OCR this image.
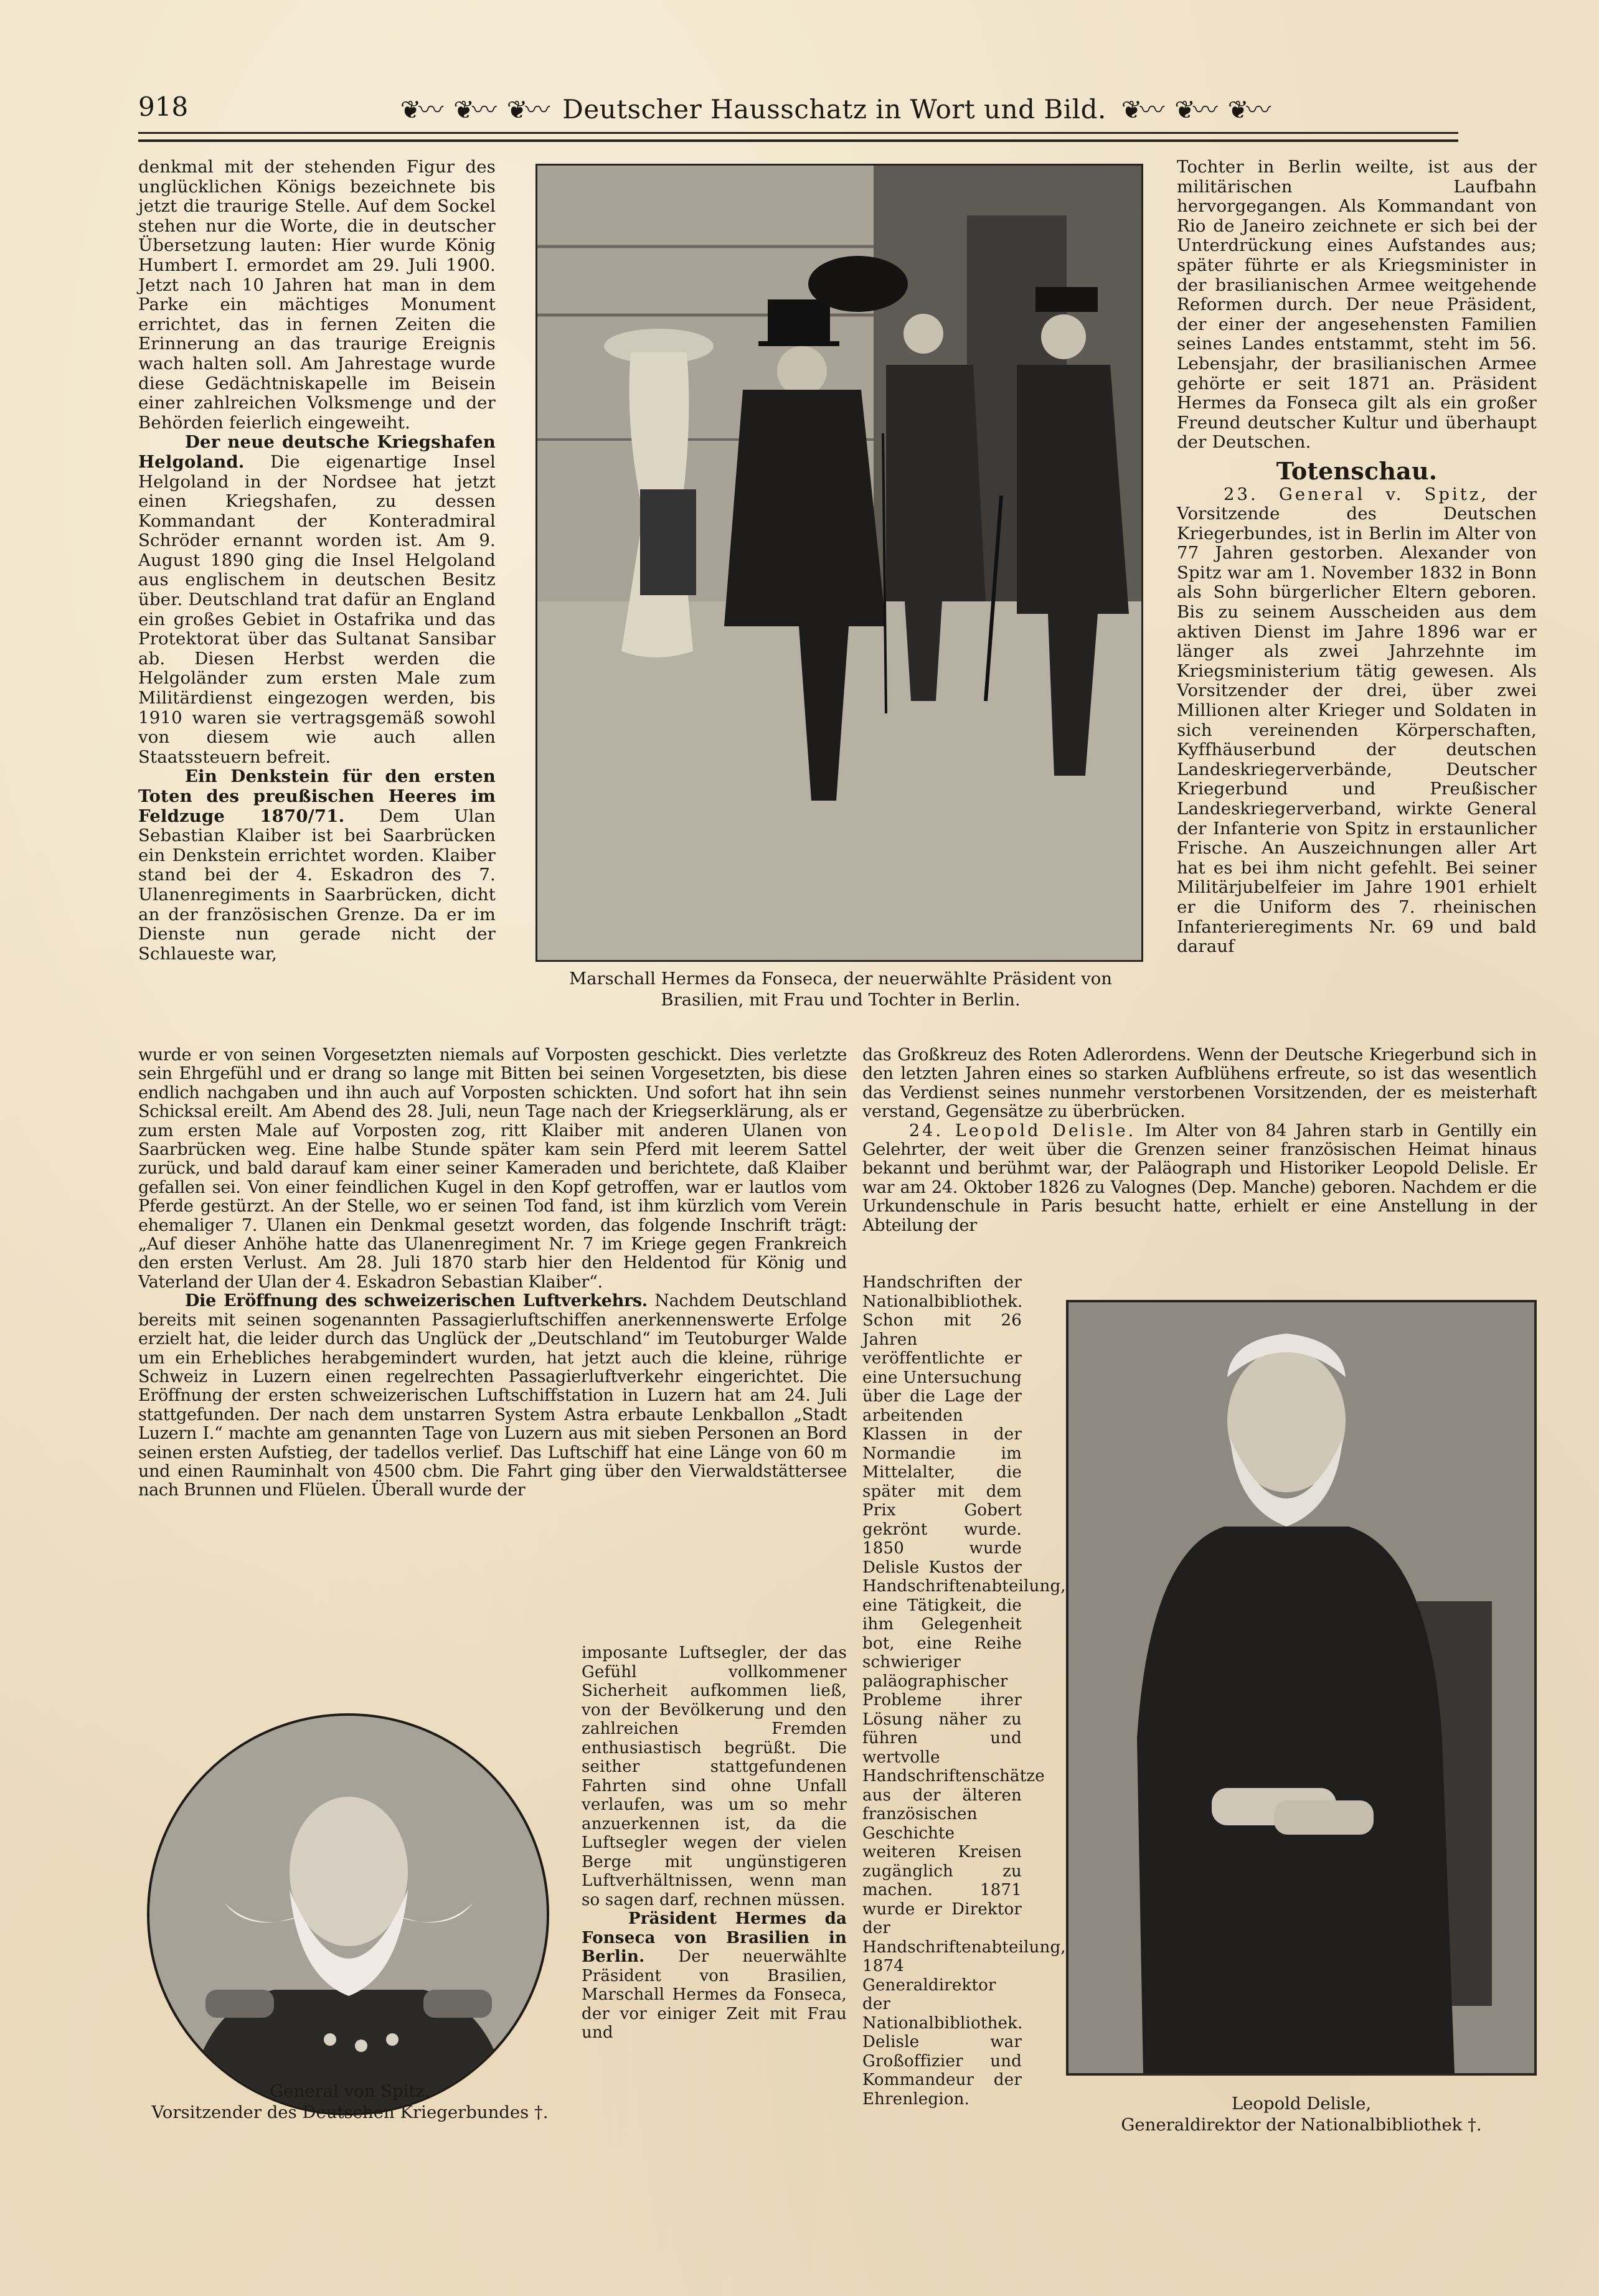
918	❦〰 ❦〰 ❦〰 Deutscher Hausschatz in Wort und Bild. ❦〰 ❦〰 ❦〰

denkmal mit der stehenden Figur des unglücklichen Königs bezeichnete bis jetzt die traurige Stelle. Auf dem Sockel stehen nur die Worte, die in deutscher Übersetzung lauten: Hier wurde König Humbert I. ermordet am 29. Juli 1900. Jetzt nach 10 Jahren hat man in dem Parke ein mächtiges Monument errichtet, das in fernen Zeiten die Erinnerung an das traurige Ereignis wach halten soll. Am Jahrestage wurde diese Gedächtniskapelle im Beisein einer zahlreichen Volksmenge und der Behörden feierlich eingeweiht.

Der neue deutsche Kriegshafen Helgoland. Die eigenartige Insel Helgoland in der Nordsee hat jetzt einen Kriegshafen, zu dessen Kommandant der Konteradmiral Schröder ernannt worden ist. Am 9. August 1890 ging die Insel Helgoland aus englischem in deutschen Besitz über. Deutschland trat dafür an England ein großes Gebiet in Ostafrika und das Protektorat über das Sultanat Sansibar ab. Diesen Herbst werden die Helgoländer zum ersten Male zum Militärdienst eingezogen werden, bis 1910 waren sie vertragsgemäß sowohl von diesem wie auch allen Staatssteuern befreit.

Ein Denkstein für den ersten Toten des preußischen Heeres im Feldzuge 1870/71. Dem Ulan Sebastian Klaiber ist bei Saarbrücken ein Denkstein errichtet worden. Klaiber stand bei der 4. Eskadron des 7. Ulanenregiments in Saarbrücken, dicht an der französischen Grenze. Da er im Dienste nun gerade nicht der Schlaueste war,

Marschall Hermes da Fonseca, der neuerwählte Präsident von Brasilien, mit Frau und Tochter in Berlin.

Tochter in Berlin weilte, ist aus der militärischen Laufbahn hervorgegangen. Als Kommandant von Rio de Janeiro zeichnete er sich bei der Unterdrückung eines Aufstandes aus; später führte er als Kriegsminister in der brasilianischen Armee weitgehende Reformen durch. Der neue Präsident, der einer der angesehensten Familien seines Landes entstammt, steht im 56. Lebensjahr, der brasilianischen Armee gehörte er seit 1871 an. Präsident Hermes da Fonseca gilt als ein großer Freund deutscher Kultur und überhaupt der Deutschen.

Totenschau.

23. General v. Spitz, der Vorsitzende des Deutschen Kriegerbundes, ist in Berlin im Alter von 77 Jahren gestorben. Alexander von Spitz war am 1. November 1832 in Bonn als Sohn bürgerlicher Eltern geboren. Bis zu seinem Ausscheiden aus dem aktiven Dienst im Jahre 1896 war er länger als zwei Jahrzehnte im Kriegsministerium tätig gewesen. Als Vorsitzender der drei, über zwei Millionen alter Krieger und Soldaten in sich vereinenden Körperschaften, Kyffhäuserbund der deutschen Landeskriegerverbände, Deutscher Kriegerbund und Preußischer Landeskriegerverband, wirkte General der Infanterie von Spitz in erstaunlicher Frische. An Auszeichnungen aller Art hat es bei ihm nicht gefehlt. Bei seiner Militärjubelfeier im Jahre 1901 erhielt er die Uniform des 7. rheinischen Infanterieregiments Nr. 69 und bald darauf

wurde er von seinen Vorgesetzten niemals auf Vorposten geschickt. Dies verletzte sein Ehrgefühl und er drang so lange mit Bitten bei seinen Vorgesetzten, bis diese endlich nachgaben und ihn auch auf Vorposten schickten. Und sofort hat ihn sein Schicksal ereilt. Am Abend des 28. Juli, neun Tage nach der Kriegserklärung, als er zum ersten Male auf Vorposten zog, ritt Klaiber mit anderen Ulanen von Saarbrücken weg. Eine halbe Stunde später kam sein Pferd mit leerem Sattel zurück, und bald darauf kam einer seiner Kameraden und berichtete, daß Klaiber gefallen sei. Von einer feindlichen Kugel in den Kopf getroffen, war er lautlos vom Pferde gestürzt. An der Stelle, wo er seinen Tod fand, ist ihm kürzlich vom Verein ehemaliger 7. Ulanen ein Denkmal gesetzt worden, das folgende Inschrift trägt: „Auf dieser Anhöhe hatte das Ulanenregiment Nr. 7 im Kriege gegen Frankreich den ersten Verlust. Am 28. Juli 1870 starb hier den Heldentod für König und Vaterland der Ulan der 4. Eskadron Sebastian Klaiber“.

Die Eröffnung des schweizerischen Luftverkehrs. Nachdem Deutschland bereits mit seinen sogenannten Passagierluftschiffen anerkennenswerte Erfolge erzielt hat, die leider durch das Unglück der „Deutschland“ im Teutoburger Walde um ein Erhebliches herabgemindert wurden, hat jetzt auch die kleine, rührige Schweiz in Luzern einen regelrechten Passagierluftverkehr eingerichtet. Die Eröffnung der ersten schweizerischen Luftschiffstation in Luzern hat am 24. Juli stattgefunden. Der nach dem unstarren System Astra erbaute Lenkballon „Stadt Luzern I.“ machte am genannten Tage von Luzern aus mit sieben Personen an Bord seinen ersten Aufstieg, der tadellos verlief. Das Luftschiff hat eine Länge von 60 m und einen Rauminhalt von 4500 cbm. Die Fahrt ging über den Vierwaldstättersee nach Brunnen und Flüelen. Überall wurde der

das Großkreuz des Roten Adlerordens. Wenn der Deutsche Kriegerbund sich in den letzten Jahren eines so starken Aufblühens erfreute, so ist das wesentlich das Verdienst seines nunmehr verstorbenen Vorsitzenden, der es meisterhaft verstand, Gegensätze zu überbrücken.

24. Leopold Delisle. Im Alter von 84 Jahren starb in Gentilly ein Gelehrter, der weit über die Grenzen seiner französischen Heimat hinaus bekannt und berühmt war, der Paläograph und Historiker Leopold Delisle. Er war am 24. Oktober 1826 zu Valognes (Dep. Manche) geboren. Nachdem er die Urkundenschule in Paris besucht hatte, erhielt er eine Anstellung in der Abteilung der

imposante Luftsegler, der das Gefühl vollkommener Sicherheit aufkommen ließ, von der Bevölkerung und den zahlreichen Fremden enthusiastisch begrüßt. Die seither stattgefundenen Fahrten sind ohne Unfall verlaufen, was um so mehr anzuerkennen ist, da die Luftsegler wegen der vielen Berge mit ungünstigeren Luftverhältnissen, wenn man so sagen darf, rechnen müssen.

Präsident Hermes da Fonseca von Brasilien in Berlin. Der neuerwählte Präsident von Brasilien, Marschall Hermes da Fonseca, der vor einiger Zeit mit Frau und

Handschriften der Nationalbibliothek. Schon mit 26 Jahren veröffentlichte er eine Untersuchung über die Lage der arbeitenden Klassen in der Normandie im Mittelalter, die später mit dem Prix Gobert gekrönt wurde. 1850 wurde Delisle Kustos der Handschriftenabteilung, eine Tätigkeit, die ihm Gelegenheit bot, eine Reihe schwieriger paläographischer Probleme ihrer Lösung näher zu führen und wertvolle Handschriftenschätze aus der älteren französischen Geschichte weiteren Kreisen zugänglich zu machen. 1871 wurde er Direktor der Handschriftenabteilung, 1874 Generaldirektor der Nationalbibliothek. Delisle war Großoffizier und Kommandeur der Ehrenlegion.

General von Spitz,
Vorsitzender des Deutschen Kriegerbundes †.	Leopold Delisle,
Generaldirektor der Nationalbibliothek †.
